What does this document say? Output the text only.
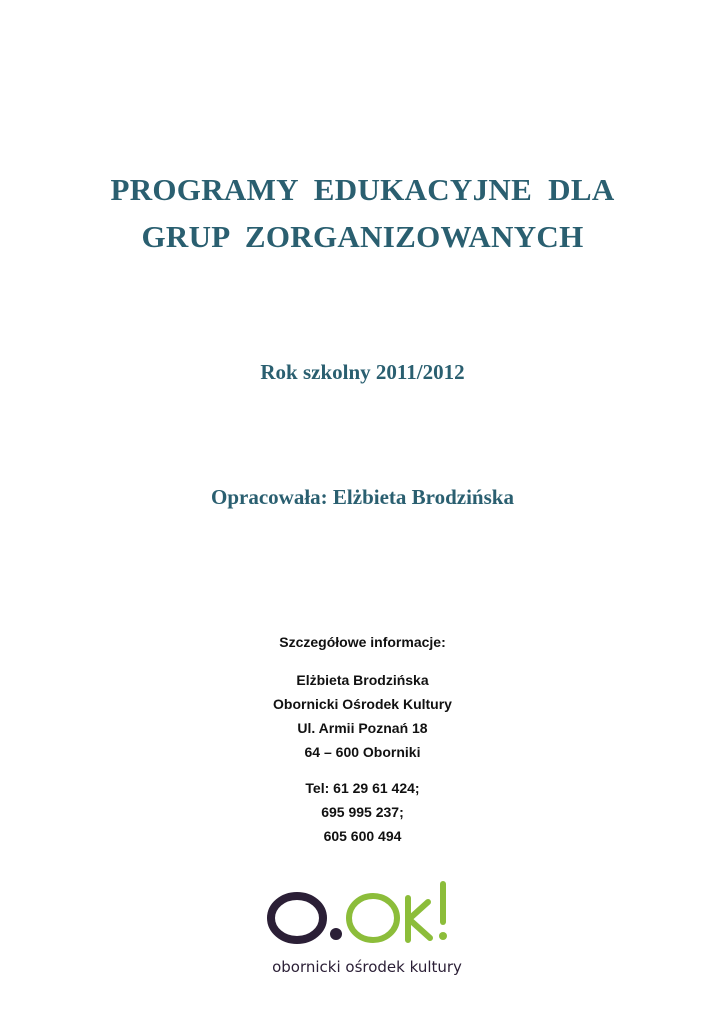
PROGRAMY  EDUKACYJNE  DLA
GRUP  ZORGANIZOWANYCH
Rok szkolny 2011/2012
Opracowała: Elżbieta Brodzińska
Szczegółowe informacje:
Elżbieta Brodzińska
Obornicki Ośrodek Kultury
Ul. Armii Poznań 18
64 – 600 Oborniki
Tel: 61 29 61 424;
695 995 237;
605 600 494
obornicki ośrodek kultury
